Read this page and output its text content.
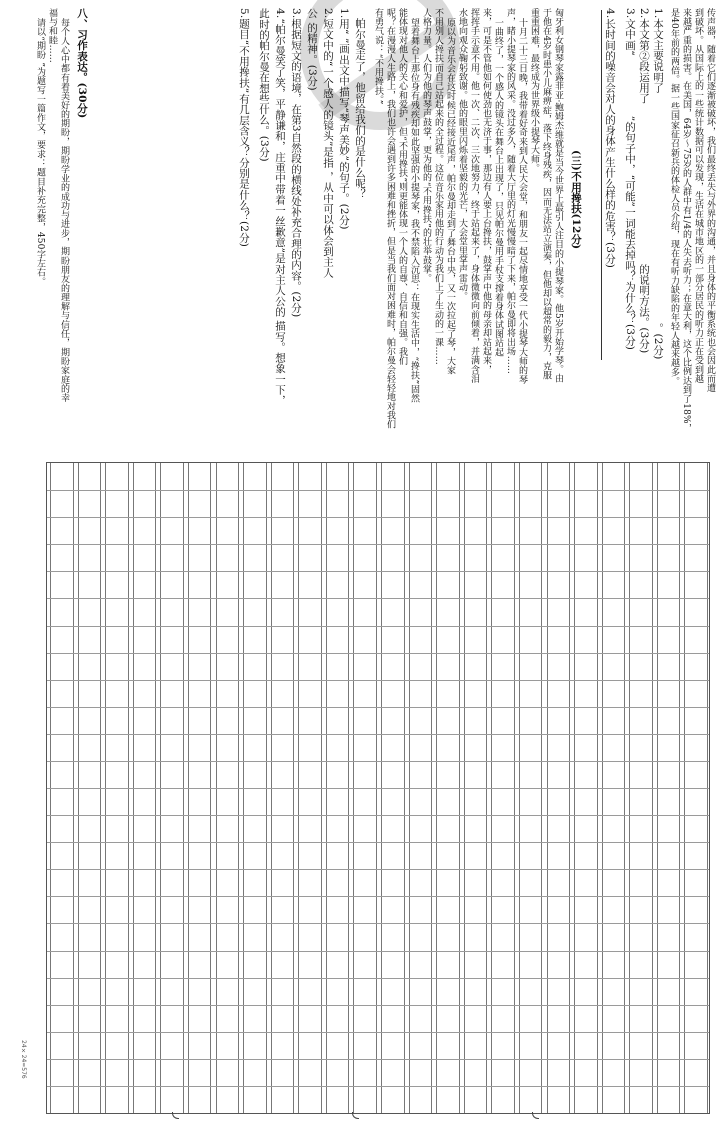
传声器，随着它们逐渐被破坏，我们最终丢失与外界的沟通，并且身体的平衡系统也会因此而遭
到破坏。从国际上的一些统计数据可以发现，生活在城市地区的一部分居民的听力正在受到越
来越严重的损害。在美国，64岁～75岁的人群中有1/4的人失去听力；在意大利，这个比例达到了18%，
是40年前的两倍。据一些国家征召新兵的体检人员介绍，现在有听力缺陷的年轻人越来越多。
1.本文主要说明了。(2分)
2.本文第②段运用了的说明方法。(3分)
3.文中画“”的句子中，“可能”一词能去掉吗？为什么？(3分)
4.长时间的噪音会对人的身体产生什么样的危害？(3分)
(三)不用搀扶(12分)
匈牙利女钢琴家露菲亚·鲍姆杰维就是当今世界上最引人注目的小提琴家。他5岁开始学琴。由
于他在4岁时患小儿麻痹症，落下终身残疾，因而无法站立演奏，但他却以超常的毅力，克服
重重困难，最终成为世界级小提琴大师。
十月二十三日晚，我带着好奇来到人民大会堂，和朋友一起尽情地享受一代小提琴大师的琴
声，睹小提琴家的风采。没过多久，随着大厅里的灯光慢慢暗了下来，帕尔曼即将出场……
一曲终了，一个感人的镜头在舞台上出现了，只见帕尔曼用手杖支撑着身体试图站起
来，可是不管他如何使劲也无济于事，那边有人要上台搀扶，鼓掌声中他的母亲却站起来，
挥挥手示意不用。他一次、二次、三次地努力，终于站起来了，身体微微向前倾着，并满含泪
水地向观众鞠躬致谢。他的眼里闪烁着坚毅的光芒，大会堂里掌声雷动。
原以为音乐会在这时候已经接近尾声，帕尔曼却走到了舞台中央，又一次拉起了琴，大家
不用别人搀扶而自己站起来的全过程。这位音乐家用他的行动为我们上了生动的一课……
人格力量。人们为他的琴声鼓掌，更为他的“不用搀扶”的壮举鼓掌。
望着舞台上那位身有残疾却如此坚强的小提琴家，我不禁陷入沉思：在现实生活中，“搀扶”固然
能体现对他人的关心和爱护，但“不用搀扶”则更能体现一个人的自尊、自信和自强。我们
呢？在漫漫人生路上，我们也许会遇到许多困难和挫折，但是当我们面对困难时，帕尔曼会轻轻地对我们
有勇气说：“不用搀扶。”
帕尔曼走了，他留给我们的是什么呢？
1.用“ ”画出文中描写“琴声美妙”的句子。(2分)
2.短文中的“一个感人的镜头”是指 ，从中可以体会到主人
公 的精神。(3分)
3.根据短文的语境，在第3自然段的横线处补充合理的内容。(2分)
4.“帕尔曼笑了笑，平静谦和，庄重中带着一丝歉意”是对主人公的 描写。想象一下，
此时的帕尔曼在想些什么。(3分)
5.题目“不用搀扶”有几层含义？分别是什么？(2分)
八、习作表达。(30分)
每个人心中都有着美好的期盼，期盼学业的成功与进步，期盼朋友的理解与信任，期盼家庭的幸
福与和睦……
请以“期盼 ”为题写一篇作文，要求：题目补充完整，450字左右。
24×24=576
